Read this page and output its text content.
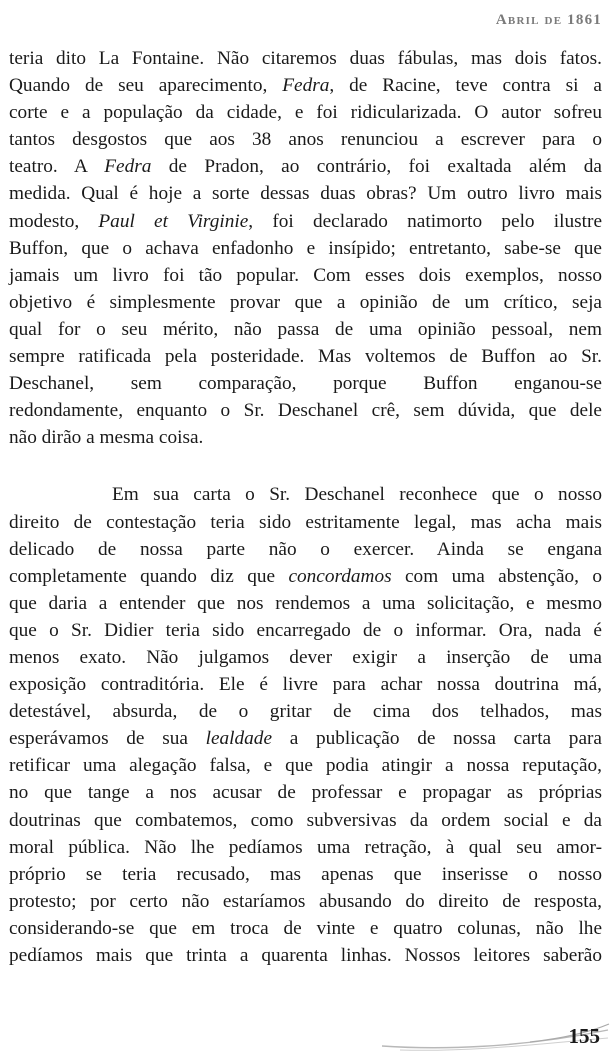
Abril de 1861
teria dito La Fontaine. Não citaremos duas fábulas, mas dois fatos.
Quando de seu aparecimento, Fedra, de Racine, teve contra si a
corte e a população da cidade, e foi ridicularizada. O autor sofreu
tantos desgostos que aos 38 anos renunciou a escrever para o
teatro. A Fedra de Pradon, ao contrário, foi exaltada além da
medida. Qual é hoje a sorte dessas duas obras? Um outro livro mais
modesto, Paul et Virginie, foi declarado natimorto pelo ilustre
Buffon, que o achava enfadonho e insípido; entretanto, sabe-se que
jamais um livro foi tão popular. Com esses dois exemplos, nosso
objetivo é simplesmente provar que a opinião de um crítico, seja
qual for o seu mérito, não passa de uma opinião pessoal, nem
sempre ratificada pela posteridade. Mas voltemos de Buffon ao Sr.
Deschanel, sem comparação, porque Buffon enganou-se
redondamente, enquanto o Sr. Deschanel crê, sem dúvida, que dele
não dirão a mesma coisa.
Em sua carta o Sr. Deschanel reconhece que o nosso
direito de contestação teria sido estritamente legal, mas acha mais
delicado de nossa parte não o exercer. Ainda se engana
completamente quando diz que concordamos com uma abstenção, o
que daria a entender que nos rendemos a uma solicitação, e mesmo
que o Sr. Didier teria sido encarregado de o informar. Ora, nada é
menos exato. Não julgamos dever exigir a inserção de uma
exposição contraditória. Ele é livre para achar nossa doutrina má,
detestável, absurda, de o gritar de cima dos telhados, mas
esperávamos de sua lealdade a publicação de nossa carta para
retificar uma alegação falsa, e que podia atingir a nossa reputação,
no que tange a nos acusar de professar e propagar as próprias
doutrinas que combatemos, como subversivas da ordem social e da
moral pública. Não lhe pedíamos uma retração, à qual seu amor-
próprio se teria recusado, mas apenas que inserisse o nosso
protesto; por certo não estaríamos abusando do direito de resposta,
considerando-se que em troca de vinte e quatro colunas, não lhe
pedíamos mais que trinta a quarenta linhas. Nossos leitores saberão
155
